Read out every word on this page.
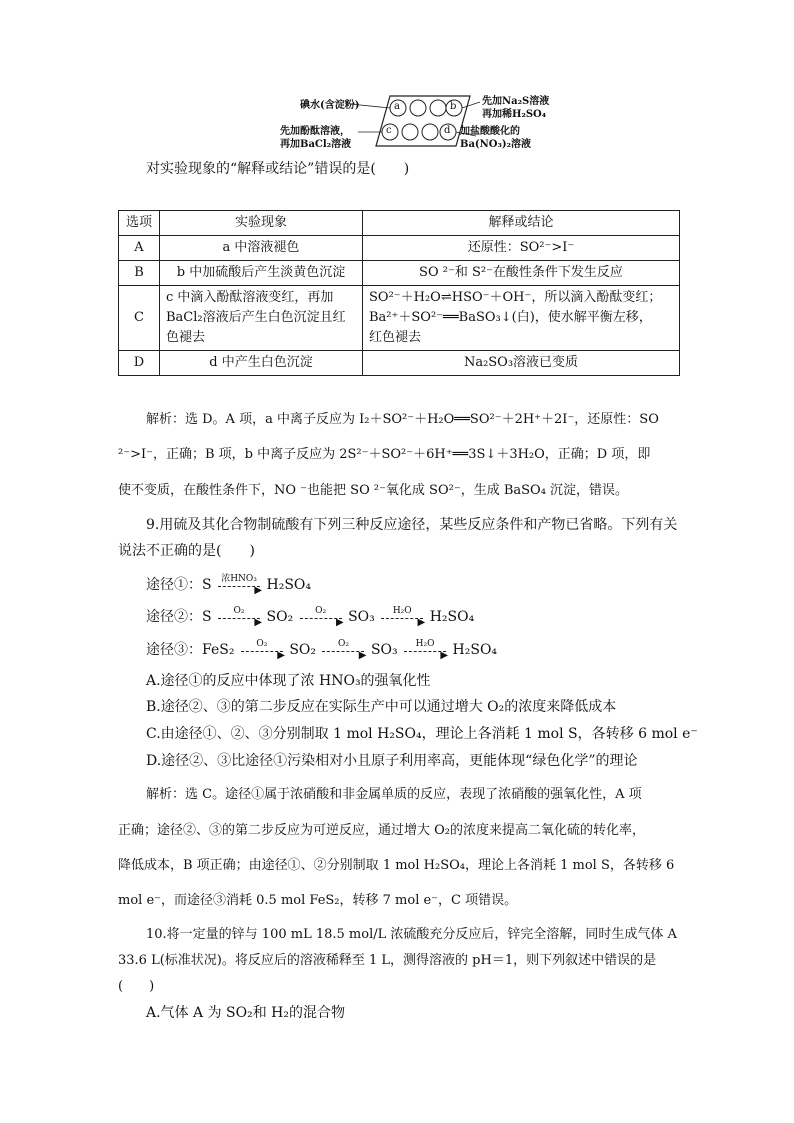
a	b
c	d
碘水(含淀粉)
先加酚酞溶液，
再加BaCl₂溶液
先加Na₂S溶液
再加稀H₂SO₄
加盐酸酸化的
Ba(NO₃)₂溶液
对实验现象的“解释或结论”错误的是(　　)
选项	实验现象	解释或结论
A	a 中溶液褪色	还原性：SO²⁻>I⁻
B	b 中加硫酸后产生淡黄色沉淀	SO ²⁻和 S²⁻在酸性条件下发生反应
C	c 中滴入酚酞溶液变红，再加 BaCl₂溶液后产生白色沉淀且红色褪去	SO²⁻＋H₂O⇌HSO⁻＋OH⁻，所以滴入酚酞变红；
Ba²⁺＋SO²⁻══BaSO₃↓(白)，使水解平衡左移，
红色褪去

D	d 中产生白色沉淀	Na₂SO₃溶液已变质
解析：选 D。A 项，a 中离子反应为 I₂＋SO²⁻＋H₂O══SO²⁻＋2H⁺＋2I⁻，还原性：SO
²⁻>I⁻，正确；B 项，b 中离子反应为 2S²⁻＋SO²⁻＋6H⁺══3S↓＋3H₂O，正确；D 项，即
使不变质，在酸性条件下，NO ⁻也能把 SO ²⁻氧化成 SO²⁻，生成 BaSO₄ 沉淀，错误。
9.用硫及其化合物制硫酸有下列三种反应途径，某些反应条件和产物已省略。下列有关
说法不正确的是(　　)
途径①：S	浓HNO₃
▶ H₂SO₄
途径②：S	O₂
▶ SO₂	O₂
▶ SO₃	H₂O
▶ H₂SO₄
途径③：FeS₂	O₂
▶ SO₂	O₂
▶ SO₃	H₂O
▶ H₂SO₄
A.途径①的反应中体现了浓 HNO₃的强氧化性
B.途径②、③的第二步反应在实际生产中可以通过增大 O₂的浓度来降低成本
C.由途径①、②、③分别制取 1 mol H₂SO₄，理论上各消耗 1 mol S，各转移 6 mol e⁻
D.途径②、③比途径①污染相对小且原子利用率高，更能体现“绿色化学”的理论
解析：选 C。途径①属于浓硝酸和非金属单质的反应，表现了浓硝酸的强氧化性，A 项
正确；途径②、③的第二步反应为可逆反应，通过增大 O₂的浓度来提高二氧化硫的转化率，
降低成本，B 项正确；由途径①、②分别制取 1 mol H₂SO₄，理论上各消耗 1 mol S，各转移 6
mol e⁻，而途径③消耗 0.5 mol FeS₂，转移 7 mol e⁻，C 项错误。
10.将一定量的锌与 100 mL 18.5 mol/L 浓硫酸充分反应后，锌完全溶解，同时生成气体 A
33.6 L(标准状况)。将反应后的溶液稀释至 1 L，测得溶液的 pH＝1，则下列叙述中错误的是
(　　)
A.气体 A 为 SO₂和 H₂的混合物
